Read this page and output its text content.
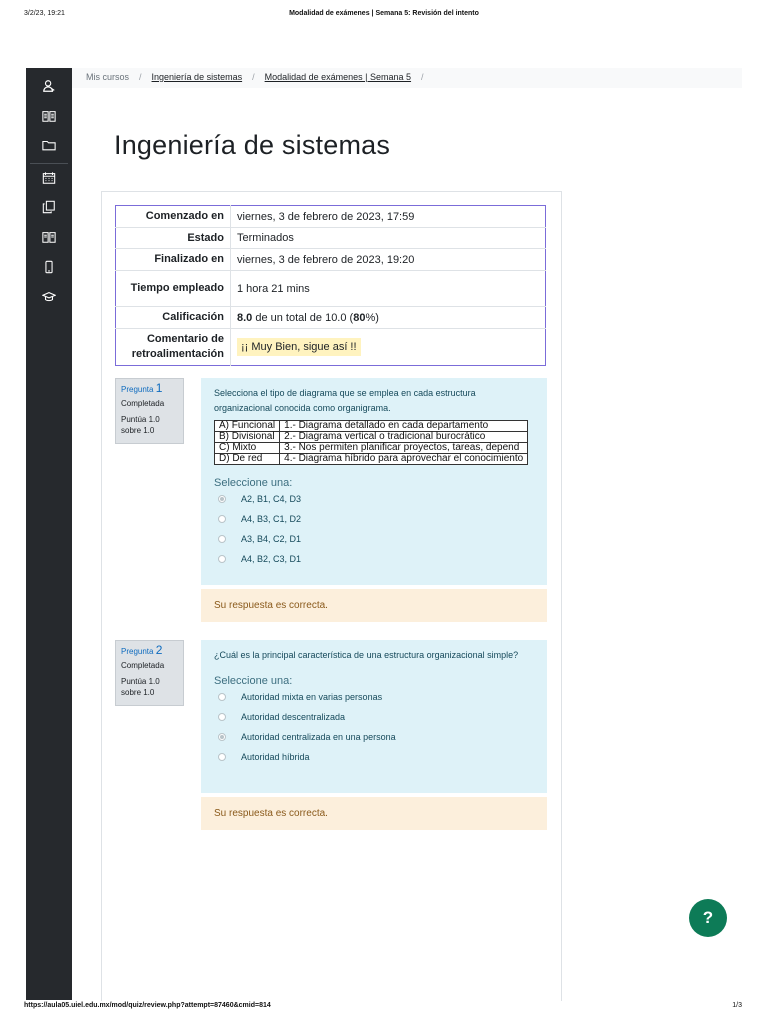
3/2/23, 19:21	Modalidad de exámenes | Semana 5: Revisión del intento
https://aula05.uiel.edu.mx/mod/quiz/review.php?attempt=87460&cmid=814	1/3
Mis cursos / Ingeniería de sistemas / Modalidad de exámenes | Semana 5 /
Ingeniería de sistemas
Comenzado en	viernes, 3 de febrero de 2023, 17:59
Estado	Terminados
Finalizado en	viernes, 3 de febrero de 2023, 19:20
Tiempo empleado	1 hora 21 mins
Calificación	8.0 de un total de 10.0 (80%)
Comentario de retroalimentación	¡¡ Muy Bien, sigue así !!
Pregunta 1
Completada
Puntúa 1.0 sobre 1.0
Selecciona el tipo de diagrama que se emplea en cada estructura organizacional conocida como organigrama.
A) Funcional	1.- Diagrama detallado en cada departamento
B) Divisional	2.- Diagrama vertical o tradicional burocrático
C) Mixto	3.- Nos permiten planificar proyectos, tareas, depend
D) De red	4.- Diagrama híbrido para aprovechar el conocimiento
Seleccione una:
A2, B1, C4, D3
A4, B3, C1, D2
A3, B4, C2, D1
A4, B2, C3, D1
Su respuesta es correcta.
Pregunta 2
Completada
Puntúa 1.0 sobre 1.0
¿Cuál es la principal característica de una estructura organizacional simple?
Seleccione una:
Autoridad mixta en varias personas
Autoridad descentralizada
Autoridad centralizada en una persona
Autoridad híbrida
Su respuesta es correcta.
?
